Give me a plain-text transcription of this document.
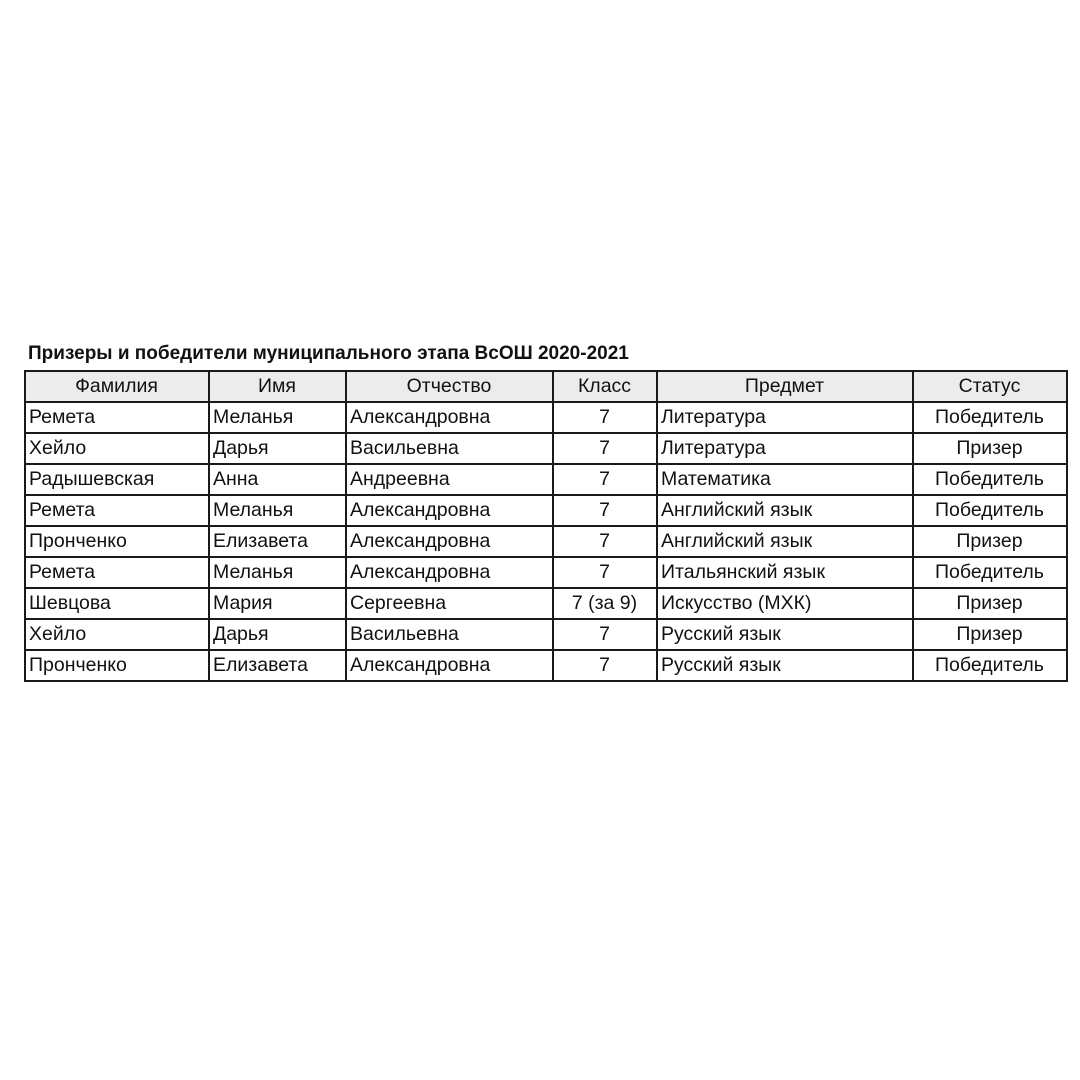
Призеры и победители муниципального этапа ВсОШ 2020-2021
Фамилия	Имя	Отчество	Класс	Предмет	Статус
Ремета	Меланья	Александровна	7	Литература	Победитель
Хейло	Дарья	Васильевна	7	Литература	Призер
Радышевская	Анна	Андреевна	7	Математика	Победитель
Ремета	Меланья	Александровна	7	Английский язык	Победитель
Пронченко	Елизавета	Александровна	7	Английский язык	Призер
Ремета	Меланья	Александровна	7	Итальянский язык	Победитель
Шевцова	Мария	Сергеевна	7 (за 9)	Искусство (МХК)	Призер
Хейло	Дарья	Васильевна	7	Русский язык	Призер
Пронченко	Елизавета	Александровна	7	Русский язык	Победитель
